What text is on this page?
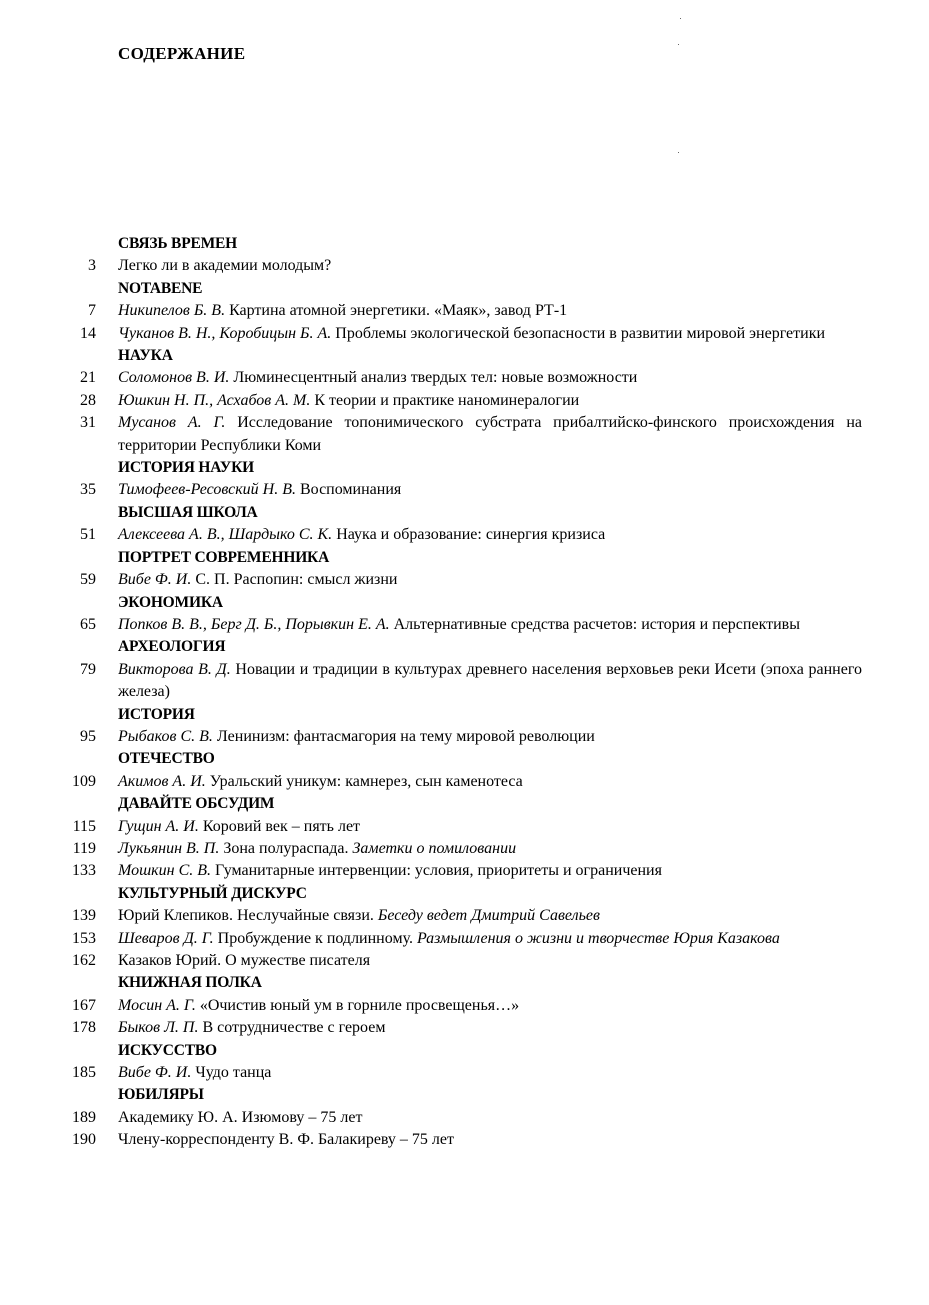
СОДЕРЖАНИЕ
СВЯЗЬ ВРЕМЕН
3 Легко ли в академии молодым?
NOTABENE
7 Никипелов Б. В. Картина атомной энергетики. «Маяк», завод РТ-1
14 Чуканов В. Н., Коробицын Б. А. Проблемы экологической безопасности в развитии мировой энергетики
НАУКА
21 Соломонов В. И. Люминесцентный анализ твердых тел: новые возможности
28 Юшкин Н. П., Асхабов А. М. К теории и практике наноминералогии
31 Мусанов А. Г. Исследование топонимического субстрата прибалтийско-финского происхождения на территории Республики Коми
ИСТОРИЯ НАУКИ
35 Тимофеев-Ресовский Н. В. Воспоминания
ВЫСШАЯ ШКОЛА
51 Алексеева А. В., Шардыко С. К. Наука и образование: синергия кризиса
ПОРТРЕТ СОВРЕМЕННИКА
59 Вибе Ф. И. С. П. Распопин: смысл жизни
ЭКОНОМИКА
65 Попков В. В., Берг Д. Б., Порывкин Е. А. Альтернативные средства расчетов: история и перспективы
АРХЕОЛОГИЯ
79 Викторова В. Д. Новации и традиции в культурах древнего населения верховьев реки Исети (эпоха раннего железа)
ИСТОРИЯ
95 Рыбаков С. В. Ленинизм: фантасмагория на тему мировой революции
ОТЕЧЕСТВО
109 Акимов А. И. Уральский уникум: камнерез, сын каменотеса
ДАВАЙТЕ ОБСУДИМ
115 Гущин А. И. Коровий век – пять лет
119 Лукьянин В. П. Зона полураспада. Заметки о помиловании
133 Мошкин С. В. Гуманитарные интервенции: условия, приоритеты и ограничения
КУЛЬТУРНЫЙ ДИСКУРС
139 Юрий Клепиков. Неслучайные связи. Беседу ведет Дмитрий Савельев
153 Шеваров Д. Г. Пробуждение к подлинному. Размышления о жизни и творчестве Юрия Казакова
162 Казаков Юрий. О мужестве писателя
КНИЖНАЯ ПОЛКА
167 Мосин А. Г. «Очистив юный ум в горниле просвещенья…»
178 Быков Л. П. В сотрудничестве с героем
ИСКУССТВО
185 Вибе Ф. И. Чудо танца
ЮБИЛЯРЫ
189 Академику Ю. А. Изюмову – 75 лет
190 Члену-корреспонденту В. Ф. Балакиреву – 75 лет
